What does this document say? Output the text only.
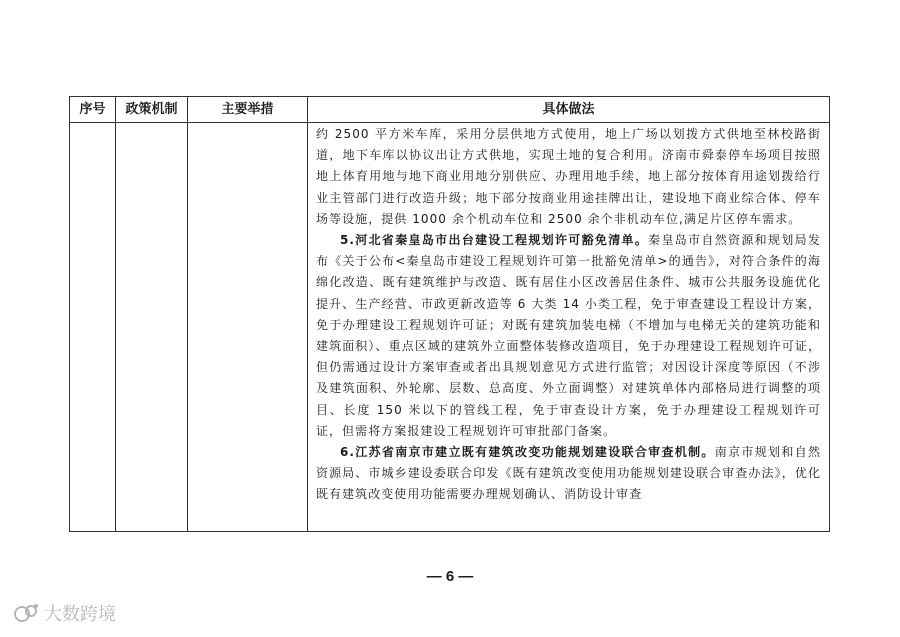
序号	政策机制	主要举措	具体做法

			约 2500 平方米车库，采用分层供地方式使用，地上广场以划拨方式供地至林校路街道，地下车库以协议出让方式供地，实现土地的复合利用。济南市舜泰停车场项目按照地上体育用地与地下商业用地分别供应、办理用地手续，地上部分按体育用途划拨给行业主管部门进行改造升级；地下部分按商业用途挂牌出让，建设地下商业综合体、停车场等设施，提供 1000 余个机动车位和 2500 余个非机动车位,满足片区停车需求。

5.河北省秦皇岛市出台建设工程规划许可豁免清单。秦皇岛市自然资源和规划局发布《关于公布<秦皇岛市建设工程规划许可第一批豁免清单>的通告》，对符合条件的海绵化改造、既有建筑维护与改造、既有居住小区改善居住条件、城市公共服务设施优化提升、生产经营、市政更新改造等 6 大类 14 小类工程，免于审查建设工程设计方案，免于办理建设工程规划许可证；对既有建筑加装电梯（不增加与电梯无关的建筑功能和建筑面积）、重点区域的建筑外立面整体装修改造项目，免于办理建设工程规划许可证，但仍需通过设计方案审查或者出具规划意见方式进行监管；对因设计深度等原因（不涉及建筑面积、外轮廓、层数、总高度、外立面调整）对建筑单体内部格局进行调整的项目、长度 150 米以下的管线工程，免于审查设计方案，免于办理建设工程规划许可证，但需将方案报建设工程规划许可审批部门备案。

6.江苏省南京市建立既有建筑改变功能规划建设联合审查机制。南京市规划和自然资源局、市城乡建设委联合印发《既有建筑改变使用功能规划建设联合审查办法》，优化既有建筑改变使用功能需要办理规划确认、消防设计审查

— 6 —
大数跨境
